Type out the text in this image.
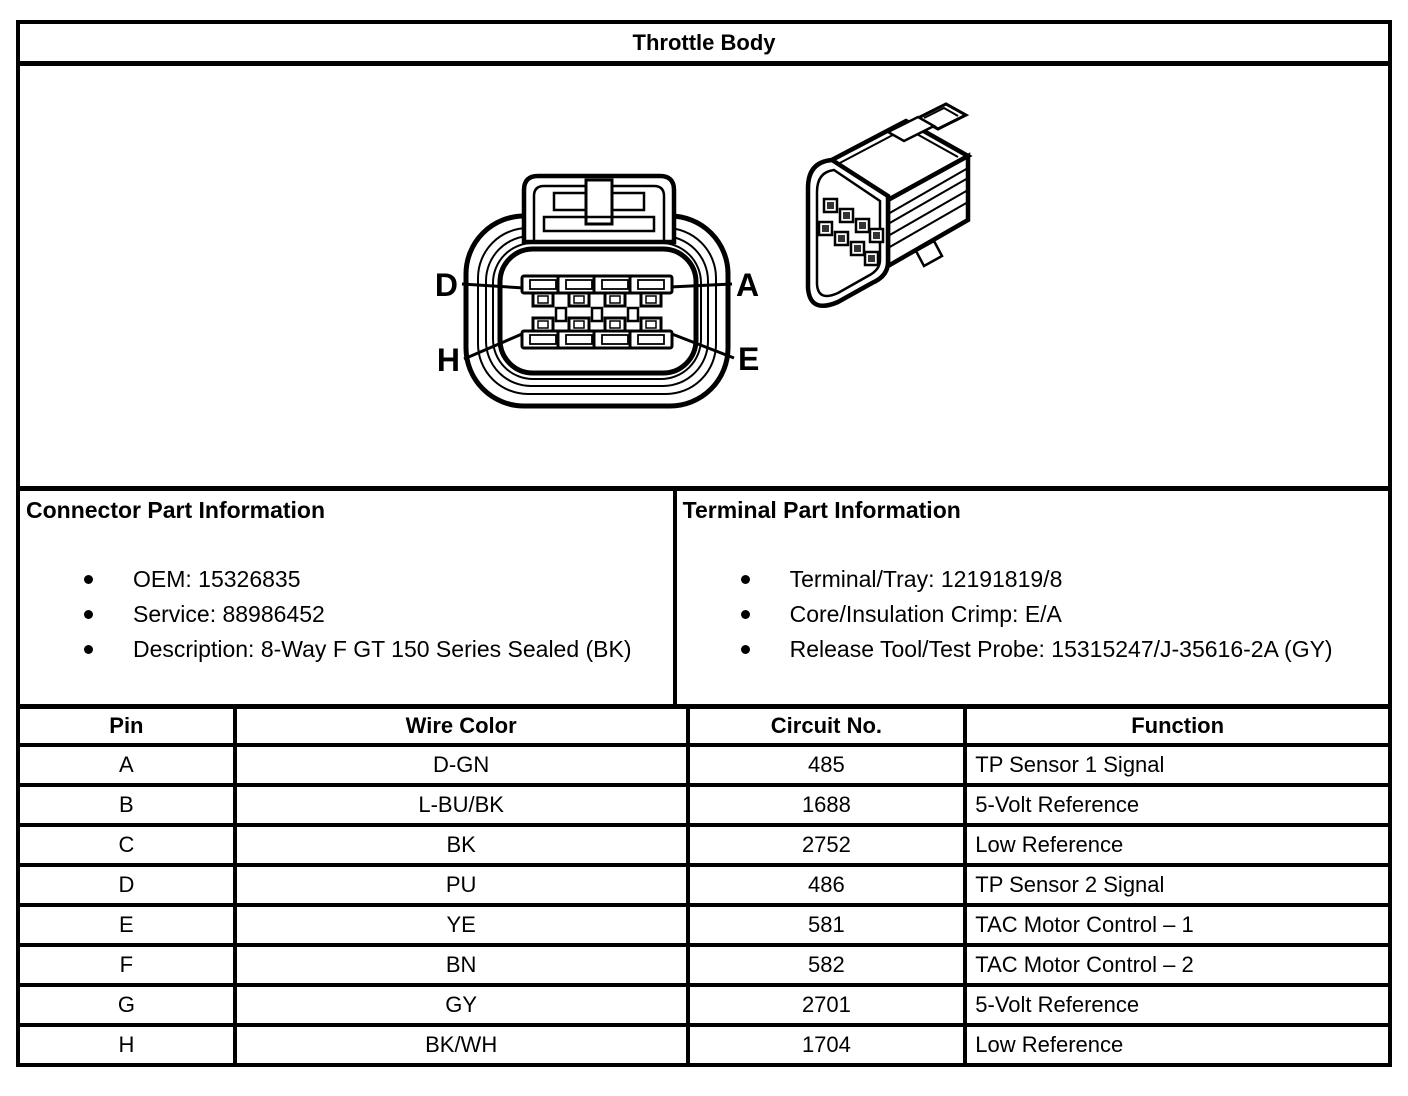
Throttle Body
D	A
H	E
Connector Part Information
OEM: 15326835
Service: 88986452
Description: 8-Way F GT 150 Series Sealed (BK)
Terminal Part Information
Terminal/Tray: 12191819/8
Core/Insulation Crimp: E/A
Release Tool/Test Probe: 15315247/J-35616-2A (GY)
Pin	Wire Color	Circuit No.	Function
A	D-GN	485	TP Sensor 1 Signal
B	L-BU/BK	1688	5-Volt Reference
C	BK	2752	Low Reference
D	PU	486	TP Sensor 2 Signal
E	YE	581	TAC Motor Control – 1
F	BN	582	TAC Motor Control – 2
G	GY	2701	5-Volt Reference
H	BK/WH	1704	Low Reference
